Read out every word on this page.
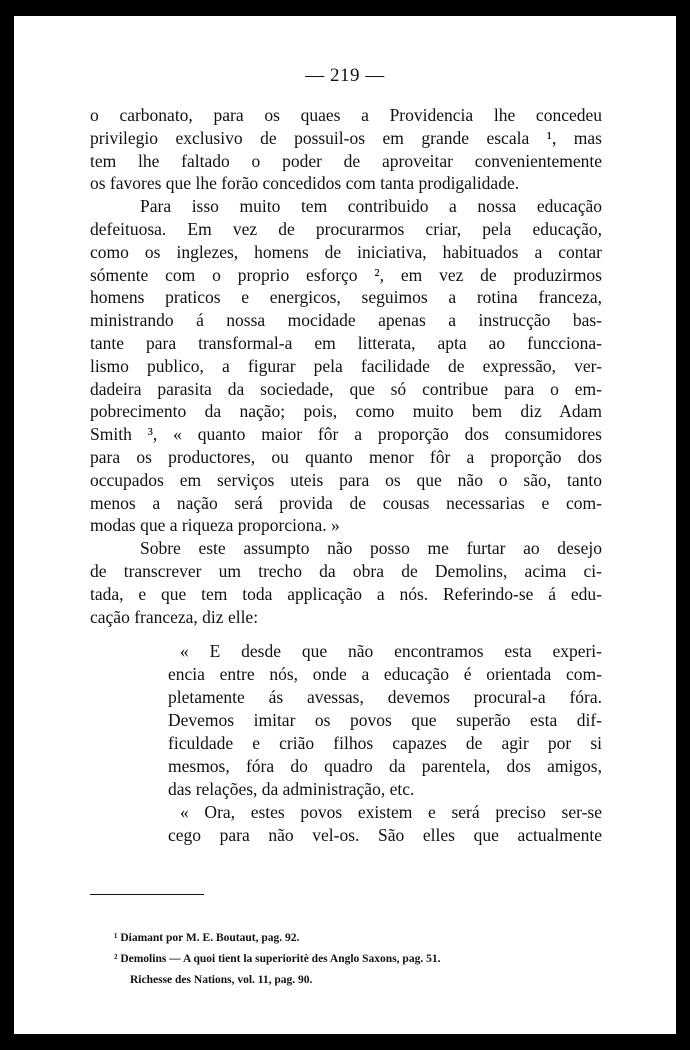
— 219 —
o carbonato, para os quaes a Providencia lhe concedeu
privilegio exclusivo de possuil-os em grande escala ¹, mas
tem lhe faltado o poder de aproveitar convenientemente
os favores que lhe forão concedidos com tanta prodigalidade.
Para isso muito tem contribuido a nossa educação
defeituosa. Em vez de procurarmos criar, pela educação,
como os inglezes, homens de iniciativa, habituados a contar
sómente com o proprio esforço ², em vez de produzirmos
homens praticos e energicos, seguimos a rotina franceza,
ministrando á nossa mocidade apenas a instrucção bas-
tante para transformal-a em litterata, apta ao funcciona-
lismo publico, a figurar pela facilidade de expressão, ver-
dadeira parasita da sociedade, que só contribue para o em-
pobrecimento da nação; pois, como muito bem diz Adam
Smith ³, « quanto maior fôr a proporção dos consumidores
para os productores, ou quanto menor fôr a proporção dos
occupados em serviços uteis para os que não o são, tanto
menos a nação será provida de cousas necessarias e com-
modas que a riqueza proporciona. »
Sobre este assumpto não posso me furtar ao desejo
de transcrever um trecho da obra de Demolins, acima ci-
tada, e que tem toda applicação a nós. Referindo-se á edu-
cação franceza, diz elle:
« E desde que não encontramos esta experi-
encia entre nós, onde a educação é orientada com-
pletamente ás avessas, devemos procural-a fóra.
Devemos imitar os povos que superão esta dif-
ficuldade e crião filhos capazes de agir por si
mesmos, fóra do quadro da parentela, dos amigos,
das relações, da administração, etc.
« Ora, estes povos existem e será preciso ser-se
cego para não vel-os. São elles que actualmente
¹ Diamant por M. E. Boutaut, pag. 92.
² Demolins — A quoi tient la superioritè des Anglo Saxons, pag. 51.
Richesse des Nations, vol. 11, pag. 90.
